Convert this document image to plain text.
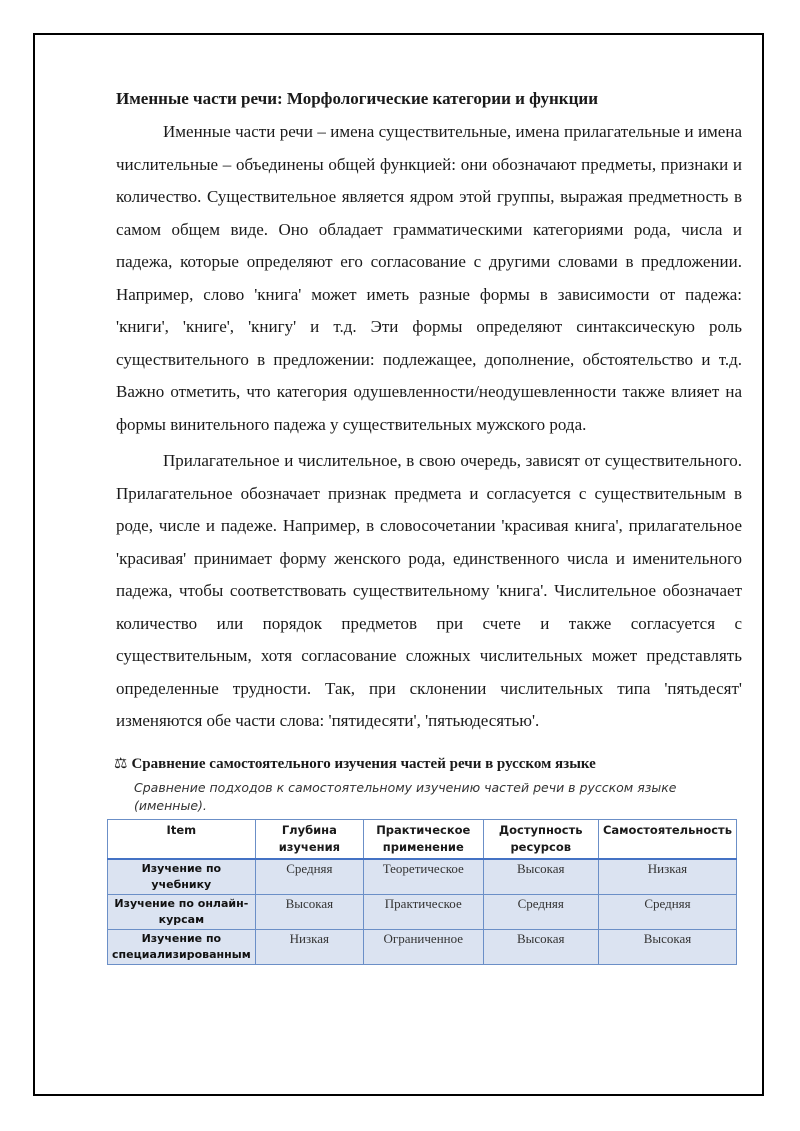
Именные части речи: Морфологические категории и функции

Именные части речи – имена существительные, имена прилагательные и имена числительные – объединены общей функцией: они обозначают предметы, признаки и количество. Существительное является ядром этой группы, выражая предметность в самом общем виде. Оно обладает грамматическими категориями рода, числа и падежа, которые определяют его согласование с другими словами в предложении. Например, слово 'книга' может иметь разные формы в зависимости от падежа: 'книги', 'книге', 'книгу' и т.д. Эти формы определяют синтаксическую роль существительного в предложении: подлежащее, дополнение, обстоятельство и т.д. Важно отметить, что категория одушевленности/неодушевленности также влияет на формы винительного падежа у существительных мужского рода.

Прилагательное и числительное, в свою очередь, зависят от существительного. Прилагательное обозначает признак предмета и согласуется с существительным в роде, числе и падеже. Например, в словосочетании 'красивая книга', прилагательное 'красивая' принимает форму женского рода, единственного числа и именительного падежа, чтобы соответствовать существительному 'книга'. Числительное обозначает количество или порядок предметов при счете и также согласуется с существительным, хотя согласование сложных числительных может представлять определенные трудности. Так, при склонении числительных типа 'пятьдесят' изменяются обе части слова: 'пятидесяти', 'пятьюдесятью'.

⚖ Сравнение самостоятельного изучения частей речи в русском языке
Сравнение подходов к самостоятельному изучению частей речи в русском языке (именные).
Item	Глубина изучения	Практическое применение	Доступность ресурсов	Самостоятельность

Изучение по учебнику	Средняя	Теоретическое	Высокая	Низкая

Изучение по онлайн-курсам	Высокая	Практическое	Средняя	Средняя

Изучение по специализированным	Низкая	Ограниченное	Высокая	Высокая
